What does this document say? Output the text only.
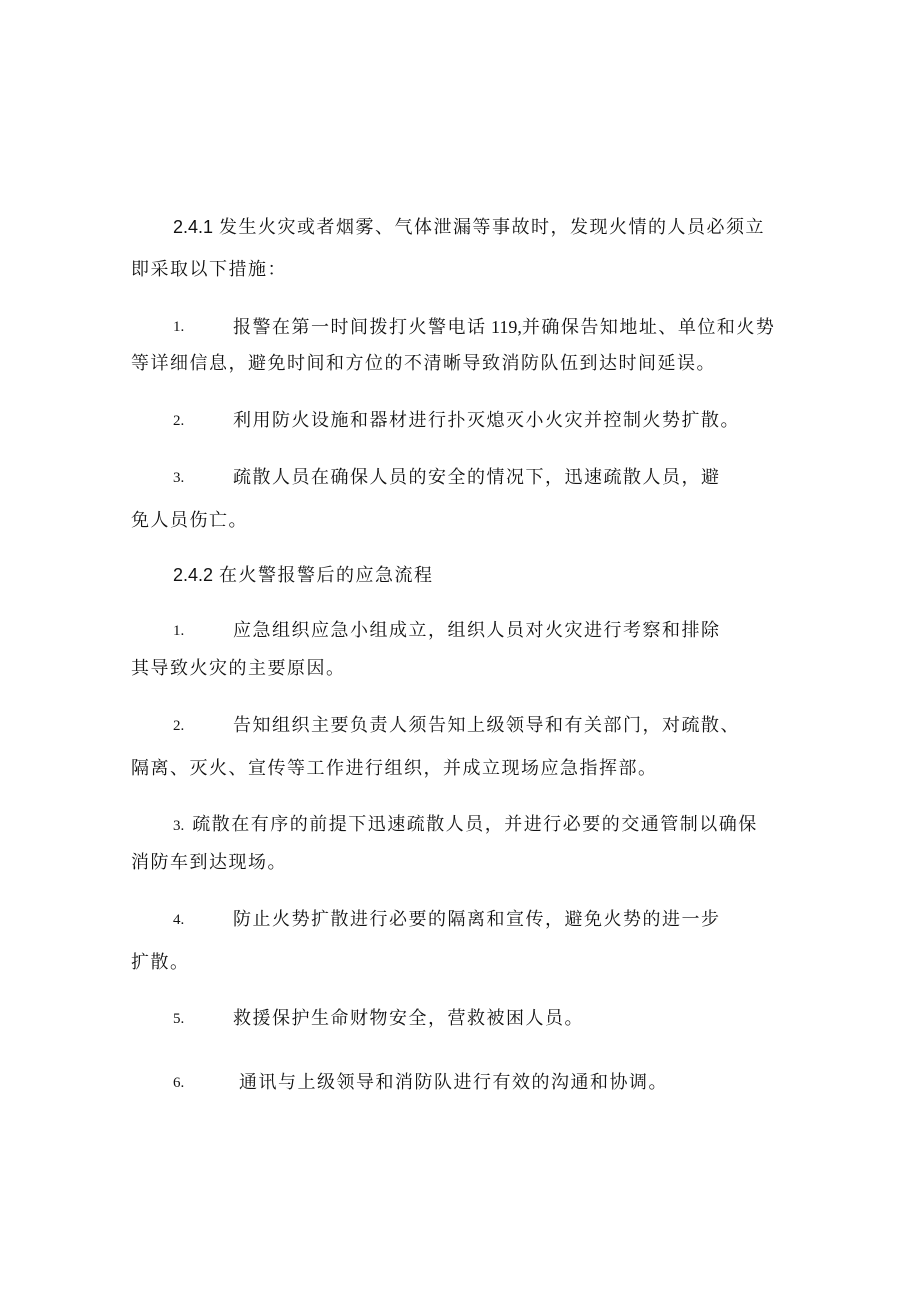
2.4.1 发生火灾或者烟雾、气体泄漏等事故时，发现火情的人员必须立
即采取以下措施：
1.	报警在第一时间拨打火警电话 119,并确保告知地址、单位和火势
等详细信息，避免时间和方位的不清晰导致消防队伍到达时间延误。
2.	利用防火设施和器材进行扑灭熄灭小火灾并控制火势扩散。
3.	疏散人员在确保人员的安全的情况下，迅速疏散人员，避
免人员伤亡。
2.4.2 在火警报警后的应急流程
1.	应急组织应急小组成立，组织人员对火灾进行考察和排除
其导致火灾的主要原因。
2.	告知组织主要负责人须告知上级领导和有关部门，对疏散、
隔离、灭火、宣传等工作进行组织，并成立现场应急指挥部。
3. 疏散在有序的前提下迅速疏散人员，并进行必要的交通管制以确保
消防车到达现场。
4.	防止火势扩散进行必要的隔离和宣传，避免火势的进一步
扩散。
5.	救援保护生命财物安全，营救被困人员。
6.	通讯与上级领导和消防队进行有效的沟通和协调。
